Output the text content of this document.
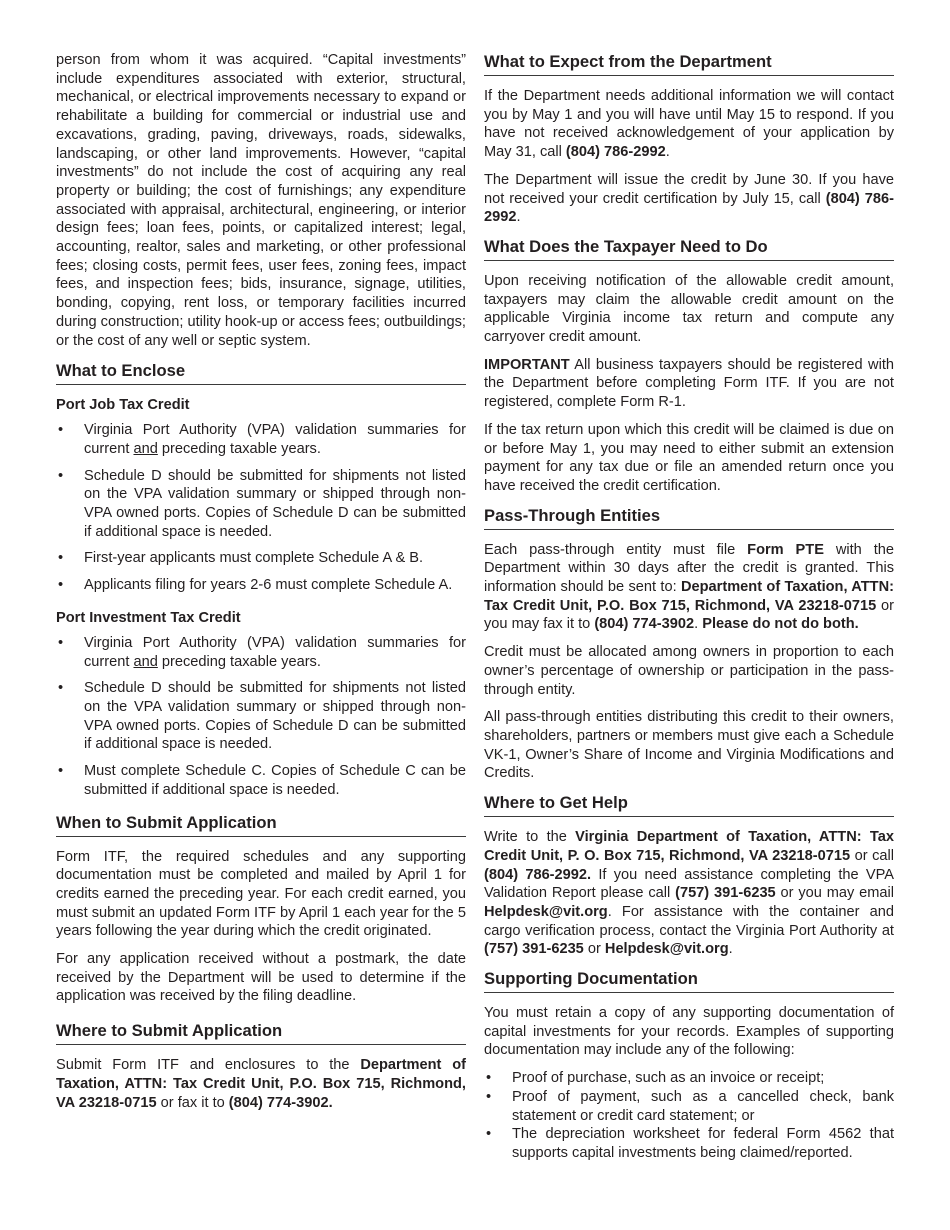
person from whom it was acquired. “Capital investments” include expenditures associated with exterior, structural, mechanical, or electrical improvements necessary to expand or rehabilitate a building for commercial or industrial use and excavations, grading, paving, driveways, roads, sidewalks, landscaping, or other land improvements. However, “capital investments” do not include the cost of acquiring any real property or building; the cost of furnishings; any expenditure associated with appraisal, architectural, engineering, or interior design fees; loan fees, points, or capitalized interest; legal, accounting, realtor, sales and marketing, or other professional fees; closing costs, permit fees, user fees, zoning fees, impact fees, and inspection fees; bids, insurance, signage, utilities, bonding, copying, rent loss, or temporary facilities incurred during construction; utility hook-up or access fees; outbuildings; or the cost of any well or septic system.

What to Enclose
Port Job Tax Credit
• Virginia Port Authority (VPA) validation summaries for current and preceding taxable years.
• Schedule D should be submitted for shipments not listed on the VPA validation summary or shipped through non-VPA owned ports. Copies of Schedule D can be submitted if additional space is needed.
• First-year applicants must complete Schedule A & B.
• Applicants filing for years 2-6 must complete Schedule A.
Port Investment Tax Credit
• Virginia Port Authority (VPA) validation summaries for current and preceding taxable years.
• Schedule D should be submitted for shipments not listed on the VPA validation summary or shipped through non-VPA owned ports. Copies of Schedule D can be submitted if additional space is needed.
• Must complete Schedule C. Copies of Schedule C can be submitted if additional space is needed.
When to Submit Application

Form ITF, the required schedules and any supporting documentation must be completed and mailed by April 1 for credits earned the preceding year. For each credit earned, you must submit an updated Form ITF by April 1 each year for the 5 years following the year during which the credit originated.

For any application received without a postmark, the date received by the Department will be used to determine if the application was received by the filing deadline.

Where to Submit Application

Submit Form ITF and enclosures to the Department of Taxation, ATTN: Tax Credit Unit, P.O. Box 715, Richmond, VA 23218-0715 or fax it to (804) 774-3902.

What to Expect from the Department

If the Department needs additional information we will contact you by May 1 and you will have until May 15 to respond. If you have not received acknowledgement of your application by May 31, call (804) 786-2992.

The Department will issue the credit by June 30. If you have not received your credit certification by July 15, call (804) 786-2992.

What Does the Taxpayer Need to Do

Upon receiving notification of the allowable credit amount, taxpayers may claim the allowable credit amount on the applicable Virginia income tax return and compute any carryover credit amount.

IMPORTANT All business taxpayers should be registered with the Department before completing Form ITF. If you are not registered, complete Form R-1.

If the tax return upon which this credit will be claimed is due on or before May 1, you may need to either submit an extension payment for any tax due or file an amended return once you have received the credit certification.

Pass-Through Entities

Each pass-through entity must file Form PTE with the Department within 30 days after the credit is granted. This information should be sent to: Department of Taxation, ATTN: Tax Credit Unit, P.O. Box 715, Richmond, VA 23218-0715 or you may fax it to (804) 774-3902. Please do not do both.

Credit must be allocated among owners in proportion to each owner’s percentage of ownership or participation in the pass-through entity.

All pass-through entities distributing this credit to their owners, shareholders, partners or members must give each a Schedule VK-1, Owner’s Share of Income and Virginia Modifications and Credits.

Where to Get Help

Write to the Virginia Department of Taxation, ATTN: Tax Credit Unit, P. O. Box 715, Richmond, VA 23218-0715 or call (804) 786-2992. If you need assistance completing the VPA Validation Report please call (757) 391-6235 or you may email Helpdesk@vit.org. For assistance with the container and cargo verification process, contact the Virginia Port Authority at (757) 391-6235 or Helpdesk@vit.org.

Supporting Documentation

You must retain a copy of any supporting documentation of capital investments for your records. Examples of supporting documentation may include any of the following:

• Proof of purchase, such as an invoice or receipt;
• Proof of payment, such as a cancelled check, bank statement or credit card statement; or
• The depreciation worksheet for federal Form 4562 that supports capital investments being claimed/reported.
